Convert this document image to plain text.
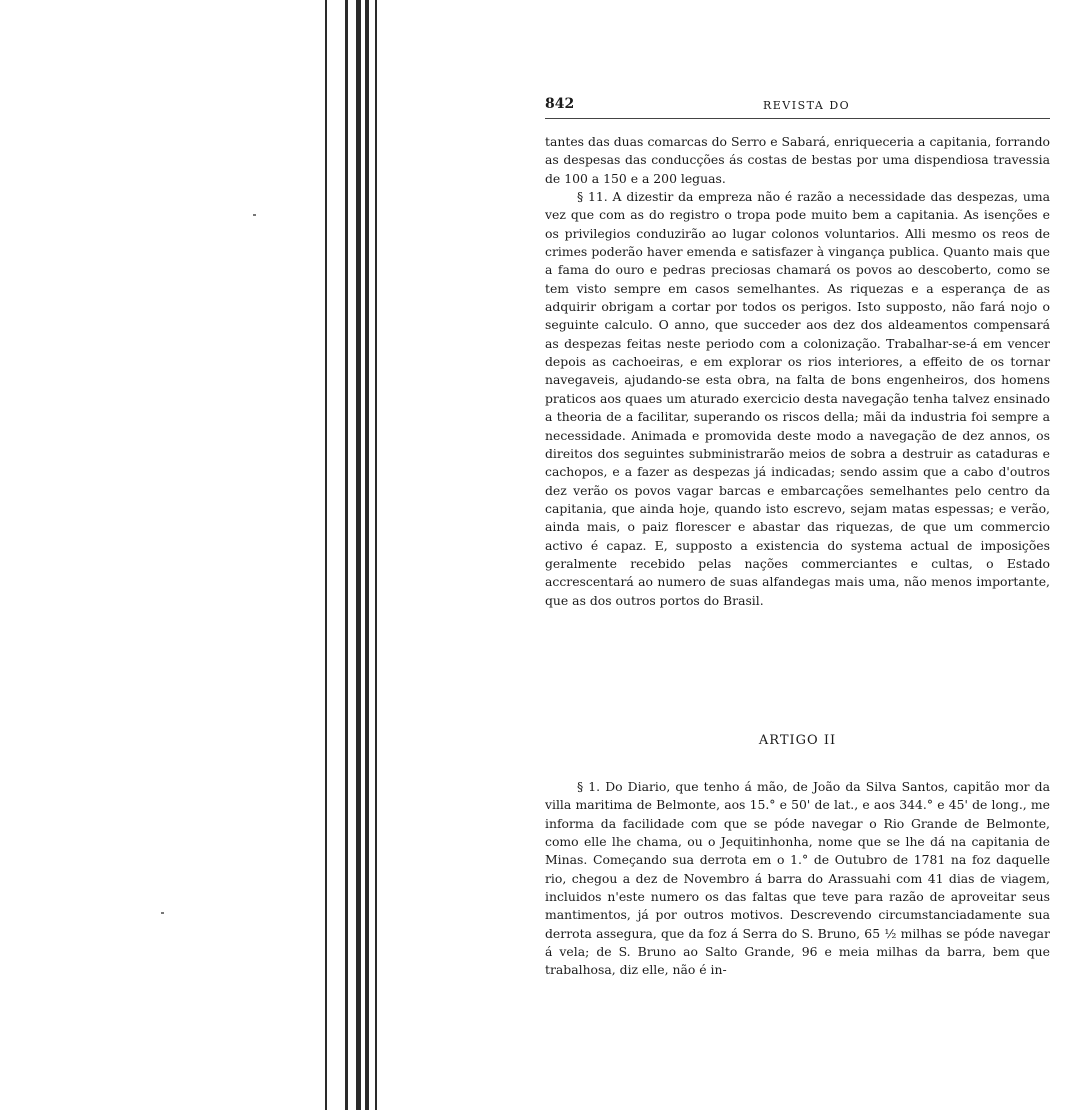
842	REVISTA DO

tantes das duas comarcas do Serro e Sabará, enriqueceria a capitania, forrando as despesas das conducções ás costas de bestas por uma dispendiosa travessia de 100 a 150 e a 200 leguas.

§ 11. A dizestir da empreza não é razão a necessidade das despezas, uma vez que com as do registro o tropa pode muito bem a capitania. As isenções e os privilegios conduzirão ao lugar colonos voluntarios. Alli mesmo os reos de crimes poderão haver emenda e satisfazer à vingança publica. Quanto mais que a fama do ouro e pedras preciosas chamará os povos ao descoberto, como se tem visto sempre em casos semelhantes. As riquezas e a esperança de as adquirir obrigam a cortar por todos os perigos. Isto supposto, não fará nojo o seguinte calculo. O anno, que succeder aos dez dos aldeamentos compensará as despezas feitas neste periodo com a colonização. Trabalhar-se-á em vencer depois as cachoeiras, e em explorar os rios interiores, a effeito de os tornar navegaveis, ajudando-se esta obra, na falta de bons engenheiros, dos homens praticos aos quaes um aturado exercicio desta navegação tenha talvez ensinado a theoria de a facilitar, superando os riscos della; mãi da industria foi sempre a necessidade. Animada e promovida deste modo a navegação de dez annos, os direitos dos seguintes subministrarão meios de sobra a destruir as cataduras e cachopos, e a fazer as despezas já indicadas; sendo assim que a cabo d'outros dez verão os povos vagar barcas e embarcações semelhantes pelo centro da capitania, que ainda hoje, quando isto escrevo, sejam matas espessas; e verão, ainda mais, o paiz florescer e abastar das riquezas, de que um commercio activo é capaz. E, supposto a existencia do systema actual de imposições geralmente recebido pelas nações commerciantes e cultas, o Estado accrescentará ao numero de suas alfandegas mais uma, não menos importante, que as dos outros portos do Brasil.

ARTIGO II

§ 1. Do Diario, que tenho á mão, de João da Silva Santos, capitão mor da villa maritima de Belmonte, aos 15.° e 50' de lat., e aos 344.° e 45' de long., me informa da facilidade com que se póde navegar o Rio Grande de Belmonte, como elle lhe chama, ou o Jequitinhonha, nome que se lhe dá na capitania de Minas. Começando sua derrota em o 1.° de Outubro de 1781 na foz daquelle rio, chegou a dez de Novembro á barra do Arassuahi com 41 dias de viagem, incluidos n'este numero os das faltas que teve para razão de aproveitar seus mantimentos, já por outros motivos. Descrevendo circumstanciadamente sua derrota assegura, que da foz á Serra do S. Bruno, 65 ½ milhas se póde navegar á vela; de S. Bruno ao Salto Grande, 96 e meia milhas da barra, bem que trabalhosa, diz elle, não é in-
